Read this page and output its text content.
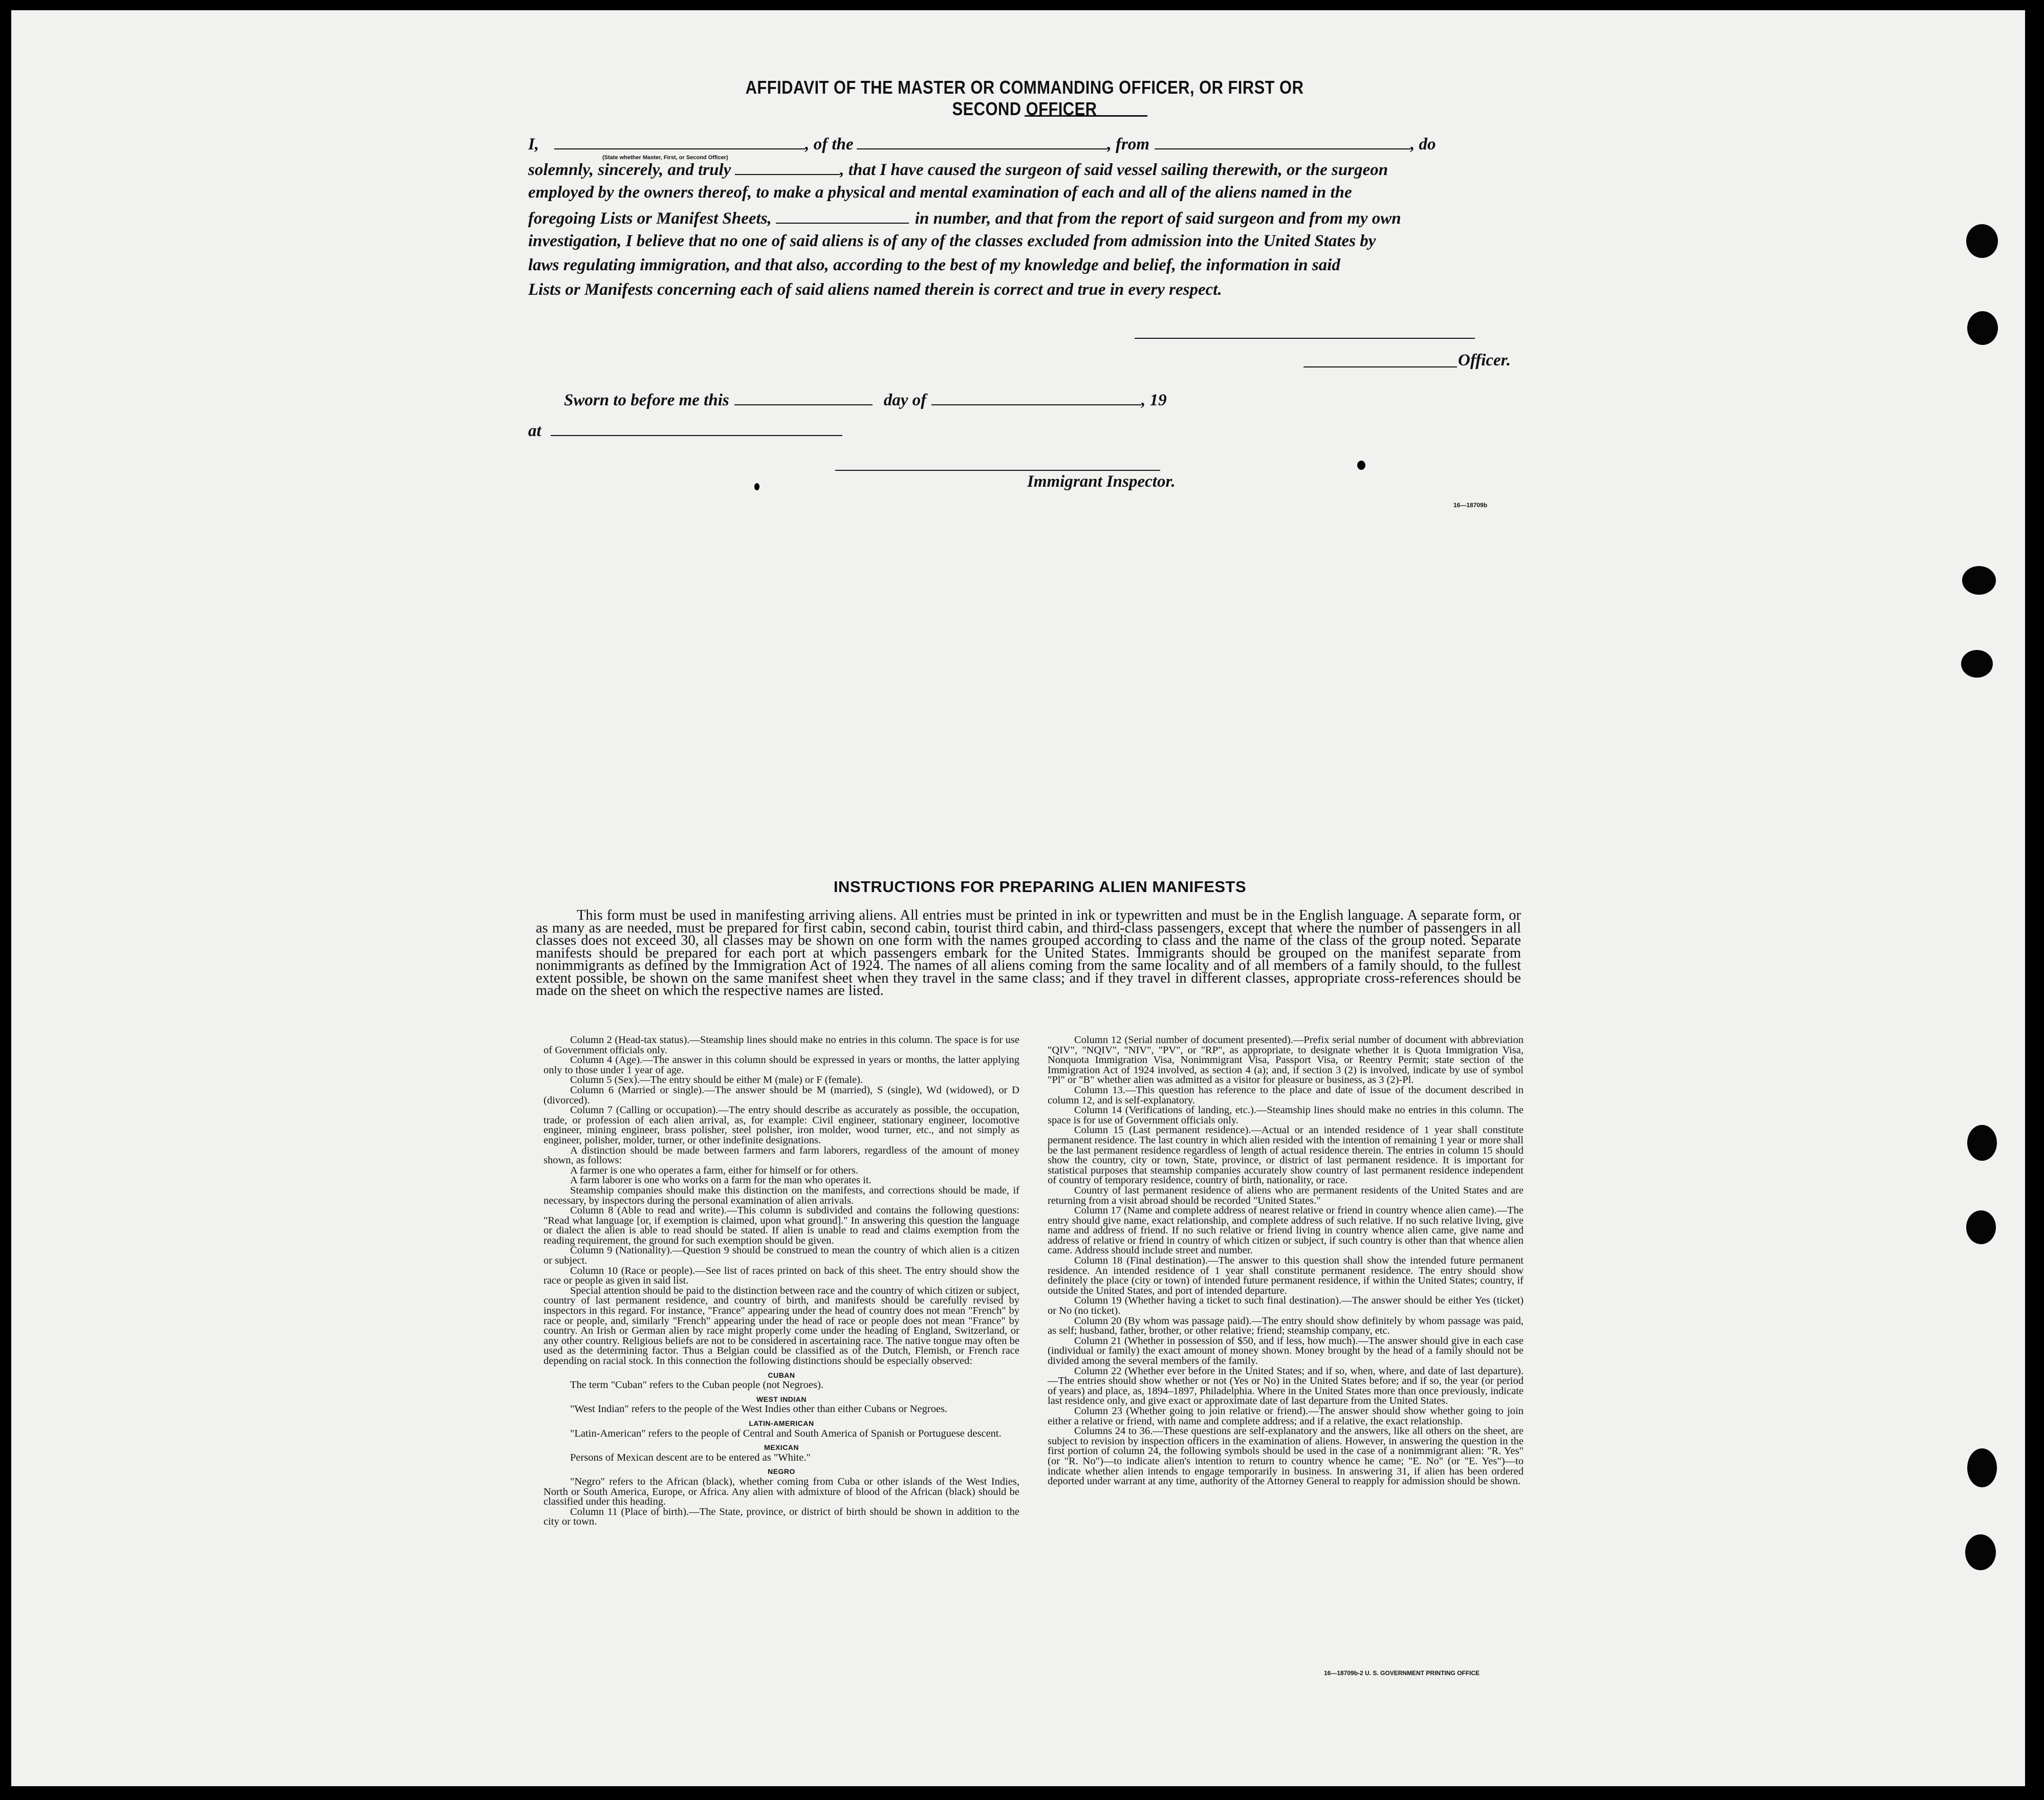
AFFIDAVIT OF THE MASTER OR COMMANDING OFFICER, OR FIRST OR SECOND OFFICER
I,	, of the	, from	, do
(State whether Master, First, or Second Officer)
solemnly, sincerely, and truly	, that I have caused the surgeon of said vessel sailing therewith, or the surgeon
employed by the owners thereof, to make a physical and mental examination of each and all of the aliens named in the
foregoing Lists or Manifest Sheets,	in number, and that from the report of said surgeon and from my own
investigation, I believe that no one of said aliens is of any of the classes excluded from admission into the United States by
laws regulating immigration, and that also, according to the best of my knowledge and belief, the information in said
Lists or Manifests concerning each of said aliens named therein is correct and true in every respect.
Officer.
Sworn to before me this	day of	, 19
at
Immigrant Inspector.
16—18709b
INSTRUCTIONS FOR PREPARING ALIEN MANIFESTS
This form must be used in manifesting arriving aliens. All entries must be printed in ink or typewritten and must be in the English language. A separate form, or as many as are needed, must be prepared for first cabin, second cabin, tourist third cabin, and third-class passengers, except that where the number of passengers in all classes does not exceed 30, all classes may be shown on one form with the names grouped according to class and the name of the class of the group noted. Separate manifests should be prepared for each port at which passengers embark for the United States. Immigrants should be grouped on the manifest separate from nonimmigrants as defined by the Immigration Act of 1924. The names of all aliens coming from the same locality and of all members of a family should, to the fullest extent possible, be shown on the same manifest sheet when they travel in the same class; and if they travel in different classes, appropriate cross-references should be made on the sheet on which the respective names are listed.

Column 2 (Head-tax status).—Steamship lines should make no entries in this column. The space is for use of Government officials only.

Column 4 (Age).—The answer in this column should be expressed in years or months, the latter applying only to those under 1 year of age.

Column 5 (Sex).—The entry should be either M (male) or F (female).

Column 6 (Married or single).—The answer should be M (married), S (single), Wd (widowed), or D (divorced).

Column 7 (Calling or occupation).—The entry should describe as accurately as possible, the occupation, trade, or profession of each alien arrival, as, for example: Civil engineer, stationary engineer, locomotive engineer, mining engineer, brass polisher, steel polisher, iron molder, wood turner, etc., and not simply as engineer, polisher, molder, turner, or other indefinite designations.

A distinction should be made between farmers and farm laborers, regardless of the amount of money shown, as follows:

A farmer is one who operates a farm, either for himself or for others.

A farm laborer is one who works on a farm for the man who operates it.

Steamship companies should make this distinction on the manifests, and corrections should be made, if necessary, by inspectors during the personal examination of alien arrivals.

Column 8 (Able to read and write).—This column is subdivided and contains the following questions: "Read what language [or, if exemption is claimed, upon what ground]." In answering this question the language or dialect the alien is able to read should be stated. If alien is unable to read and claims exemption from the reading requirement, the ground for such exemption should be given.

Column 9 (Nationality).—Question 9 should be construed to mean the country of which alien is a citizen or subject.

Column 10 (Race or people).—See list of races printed on back of this sheet. The entry should show the race or people as given in said list.

Special attention should be paid to the distinction between race and the country of which citizen or subject, country of last permanent residence, and country of birth, and manifests should be carefully revised by inspectors in this regard. For instance, "France" appearing under the head of country does not mean "French" by race or people, and, similarly "French" appearing under the head of race or people does not mean "France" by country. An Irish or German alien by race might properly come under the heading of England, Switzerland, or any other country. Religious beliefs are not to be considered in ascertaining race. The native tongue may often be used as the determining factor. Thus a Belgian could be classified as of the Dutch, Flemish, or French race depending on racial stock. In this connection the following distinctions should be especially observed:

CUBAN

The term "Cuban" refers to the Cuban people (not Negroes).

WEST INDIAN

"West Indian" refers to the people of the West Indies other than either Cubans or Negroes.

LATIN-AMERICAN

"Latin-American" refers to the people of Central and South America of Spanish or Portuguese descent.

MEXICAN

Persons of Mexican descent are to be entered as "White."

NEGRO

"Negro" refers to the African (black), whether coming from Cuba or other islands of the West Indies, North or South America, Europe, or Africa. Any alien with admixture of blood of the African (black) should be classified under this heading.

Column 11 (Place of birth).—The State, province, or district of birth should be shown in addition to the city or town.

Column 12 (Serial number of document presented).—Prefix serial number of document with abbreviation "QIV", "NQIV", "NIV", "PV", or "RP", as appropriate, to designate whether it is Quota Immigration Visa, Nonquota Immigration Visa, Nonimmigrant Visa, Passport Visa, or Reentry Permit; state section of the Immigration Act of 1924 involved, as section 4 (a); and, if section 3 (2) is involved, indicate by use of symbol "Pl" or "B" whether alien was admitted as a visitor for pleasure or business, as 3 (2)-Pl.

Column 13.—This question has reference to the place and date of issue of the document described in column 12, and is self-explanatory.

Column 14 (Verifications of landing, etc.).—Steamship lines should make no entries in this column. The space is for use of Government officials only.

Column 15 (Last permanent residence).—Actual or an intended residence of 1 year shall constitute permanent residence. The last country in which alien resided with the intention of remaining 1 year or more shall be the last permanent residence regardless of length of actual residence therein. The entries in column 15 should show the country, city or town, State, province, or district of last permanent residence. It is important for statistical purposes that steamship companies accurately show country of last permanent residence independent of country of temporary residence, country of birth, nationality, or race.

Country of last permanent residence of aliens who are permanent residents of the United States and are returning from a visit abroad should be recorded "United States."

Column 17 (Name and complete address of nearest relative or friend in country whence alien came).—The entry should give name, exact relationship, and complete address of such relative. If no such relative living, give name and address of friend. If no such relative or friend living in country whence alien came, give name and address of relative or friend in country of which citizen or subject, if such country is other than that whence alien came. Address should include street and number.

Column 18 (Final destination).—The answer to this question shall show the intended future permanent residence. An intended residence of 1 year shall constitute permanent residence. The entry should show definitely the place (city or town) of intended future permanent residence, if within the United States; country, if outside the United States, and port of intended departure.

Column 19 (Whether having a ticket to such final destination).—The answer should be either Yes (ticket) or No (no ticket).

Column 20 (By whom was passage paid).—The entry should show definitely by whom passage was paid, as self; husband, father, brother, or other relative; friend; steamship company, etc.

Column 21 (Whether in possession of $50, and if less, how much).—The answer should give in each case (individual or family) the exact amount of money shown. Money brought by the head of a family should not be divided among the several members of the family.

Column 22 (Whether ever before in the United States; and if so, when, where, and date of last departure).—The entries should show whether or not (Yes or No) in the United States before; and if so, the year (or period of years) and place, as, 1894–1897, Philadelphia. Where in the United States more than once previously, indicate last residence only, and give exact or approximate date of last departure from the United States.

Column 23 (Whether going to join relative or friend).—The answer should show whether going to join either a relative or friend, with name and complete address; and if a relative, the exact relationship.

Columns 24 to 36.—These questions are self-explanatory and the answers, like all others on the sheet, are subject to revision by inspection officers in the examination of aliens. However, in answering the question in the first portion of column 24, the following symbols should be used in the case of a nonimmigrant alien: "R. Yes" (or "R. No")—to indicate alien's intention to return to country whence he came; "E. No" (or "E. Yes")—to indicate whether alien intends to engage temporarily in business. In answering 31, if alien has been ordered deported under warrant at any time, authority of the Attorney General to reapply for admission should be shown.

16—18709b-2 U. S. GOVERNMENT PRINTING OFFICE
